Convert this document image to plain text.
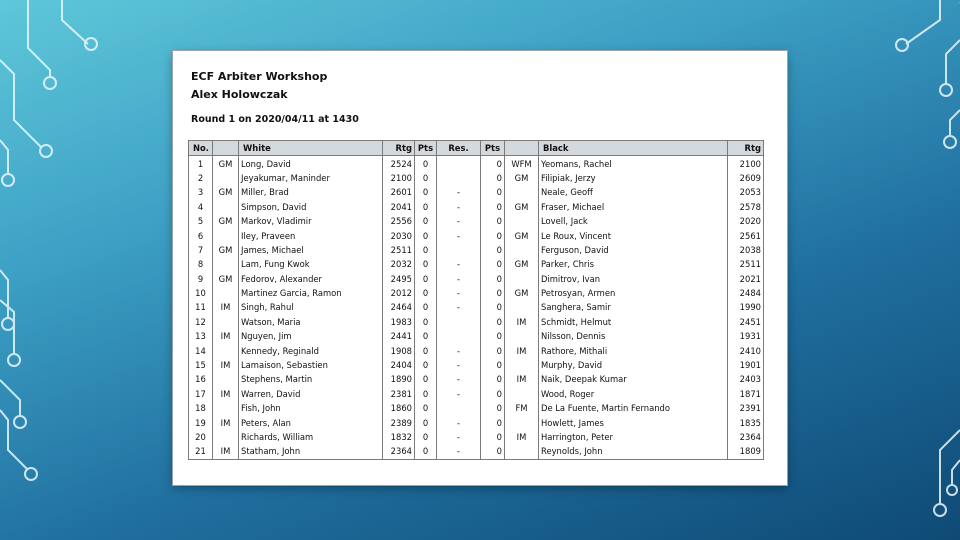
ECF Arbiter Workshop
Alex Holowczak
Round 1 on 2020/04/11 at 1430
No.		White	Rtg	Pts	Res.	Pts		Black	Rtg
1	GM	Long, David	2524	0		0	WFM	Yeomans, Rachel	2100
2		Jeyakumar, Maninder	2100	0		0	GM	Filipiak, Jerzy	2609
3	GM	Miller, Brad	2601	0	-	0		Neale, Geoff	2053
4		Simpson, David	2041	0	-	0	GM	Fraser, Michael	2578
5	GM	Markov, Vladimir	2556	0	-	0		Lovell, Jack	2020
6		Iley, Praveen	2030	0	-	0	GM	Le Roux, Vincent	2561
7	GM	James, Michael	2511	0		0		Ferguson, David	2038
8		Lam, Fung Kwok	2032	0	-	0	GM	Parker, Chris	2511
9	GM	Fedorov, Alexander	2495	0	-	0		Dimitrov, Ivan	2021
10		Martinez Garcia, Ramon	2012	0	-	0	GM	Petrosyan, Armen	2484
11	IM	Singh, Rahul	2464	0	-	0		Sanghera, Samir	1990
12		Watson, Maria	1983	0		0	IM	Schmidt, Helmut	2451
13	IM	Nguyen, Jim	2441	0		0		Nilsson, Dennis	1931
14		Kennedy, Reginald	1908	0	-	0	IM	Rathore, Mithali	2410
15	IM	Lamaison, Sebastien	2404	0	-	0		Murphy, David	1901
16		Stephens, Martin	1890	0	-	0	IM	Naik, Deepak Kumar	2403
17	IM	Warren, David	2381	0	-	0		Wood, Roger	1871
18		Fish, John	1860	0		0	FM	De La Fuente, Martin Fernando	2391
19	IM	Peters, Alan	2389	0	-	0		Howlett, James	1835
20		Richards, William	1832	0	-	0	IM	Harrington, Peter	2364
21	IM	Statham, John	2364	0	-	0		Reynolds, John	1809
